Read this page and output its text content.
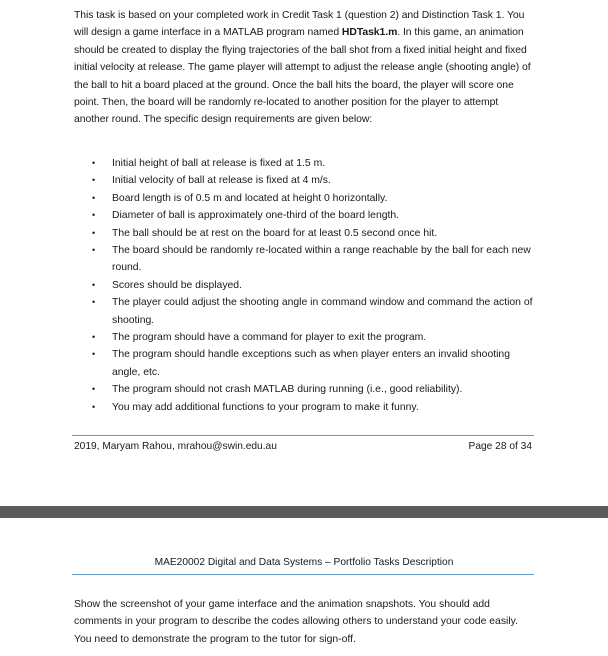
This task is based on your completed work in Credit Task 1 (question 2) and Distinction Task 1. You will design a game interface in a MATLAB program named HDTask1.m. In this game, an animation should be created to display the flying trajectories of the ball shot from a fixed initial height and fixed initial velocity at release. The game player will attempt to adjust the release angle (shooting angle) of the ball to hit a board placed at the ground. Once the ball hits the board, the player will score one point. Then, the board will be randomly re-located to another position for the player to attempt another round. The specific design requirements are given below:

• Initial height of ball at release is fixed at 1.5 m.
• Initial velocity of ball at release is fixed at 4 m/s.
• Board length is of 0.5 m and located at height 0 horizontally.
• Diameter of ball is approximately one-third of the board length.
• The ball should be at rest on the board for at least 0.5 second once hit.
• The board should be randomly re-located within a range reachable by the ball for each new round.
• Scores should be displayed.
• The player could adjust the shooting angle in command window and command the action of shooting.
• The program should have a command for player to exit the program.
• The program should handle exceptions such as when player enters an invalid shooting angle, etc.
• The program should not crash MATLAB during running (i.e., good reliability).
• You may add additional functions to your program to make it funny.
2019, Maryam Rahou, mrahou@swin.edu.au	Page 28 of 34
MAE20002 Digital and Data Systems – Portfolio Tasks Description

Show the screenshot of your game interface and the animation snapshots. You should add comments in your program to describe the codes allowing others to understand your code easily. You need to demonstrate the program to the tutor for sign-off.
